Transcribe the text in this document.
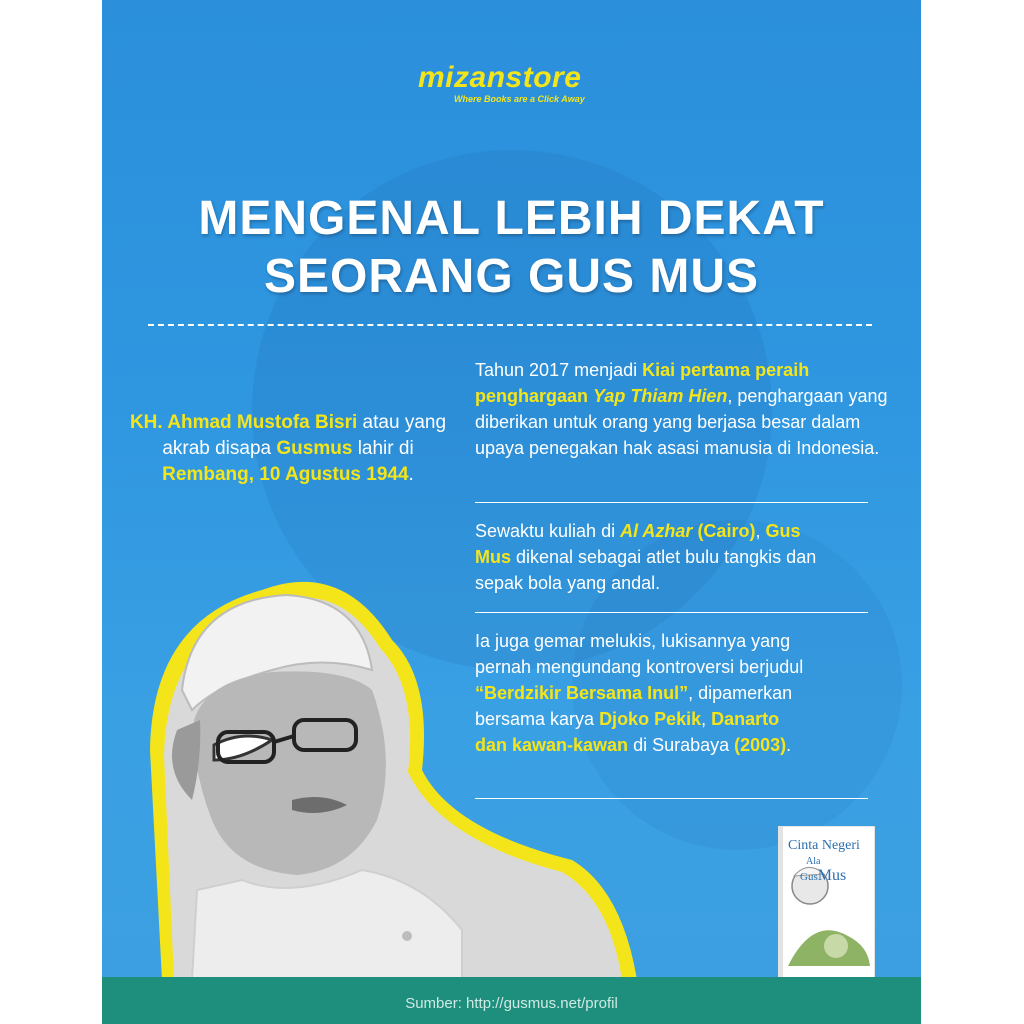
mizanstore
Where Books are a Click Away
MENGENAL LEBIH DEKAT
SEORANG GUS MUS
KH. Ahmad Mustofa Bisri atau yang akrab disapa Gusmus lahir di Rembang, 10 Agustus 1944.
Tahun 2017 menjadi Kiai pertama peraih penghargaan Yap Thiam Hien, penghargaan yang diberikan untuk orang yang berjasa besar dalam upaya penegakan hak asasi manusia di Indonesia.
Sewaktu kuliah di Al Azhar (Cairo), Gus Mus dikenal sebagai atlet bulu tangkis dan sepak bola yang andal.
Ia juga gemar melukis, lukisannya yang pernah mengundang kontroversi berjudul “Berdzikir Bersama Inul”, dipamerkan bersama karya Djoko Pekik, Danarto dan kawan-kawan di Surabaya (2003).
Cinta Negeri
Ala
GusMus
Sumber: http://gusmus.net/profil
